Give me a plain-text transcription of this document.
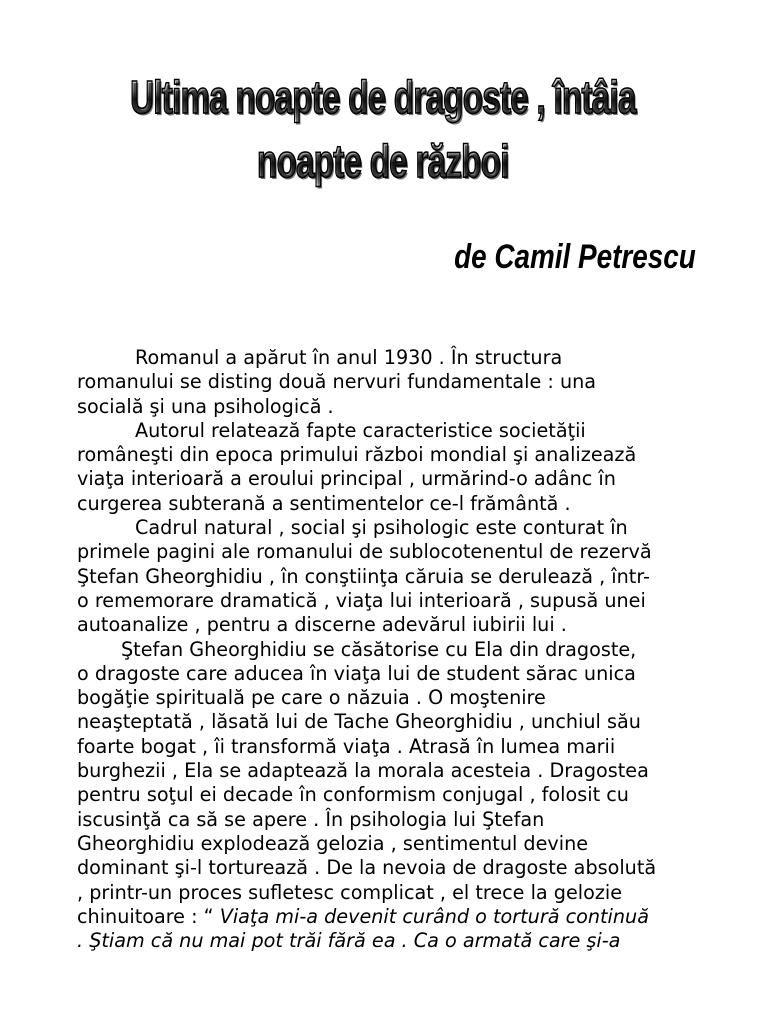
Ultima noapte de dragoste , întâia
noapte de război
de Camil Petrescu
Romanul a apărut în anul 1930 . În structura
romanului se disting două nervuri fundamentale : una
socială şi una psihologică .
Autorul relatează fapte caracteristice societăţii
româneşti din epoca primului război mondial şi analizează
viaţa interioară a eroului principal , urmărind-o adânc în
curgerea subterană a sentimentelor ce-l frământă .
Cadrul natural , social şi psihologic este conturat în
primele pagini ale romanului de sublocotenentul de rezervă
Ştefan Gheorghidiu , în conştiinţa căruia se derulează , într-
o rememorare dramatică , viaţa lui interioară , supusă unei
autoanalize , pentru a discerne adevărul iubirii lui .
Ştefan Gheorghidiu se căsătorise cu Ela din dragoste,
o dragoste care aducea în viaţa lui de student sărac unica
bogăţie spirituală pe care o năzuia . O moştenire
neaşteptată , lăsată lui de Tache Gheorghidiu , unchiul său
foarte bogat , îi transformă viaţa . Atrasă în lumea marii
burghezii , Ela se adaptează la morala acesteia . Dragostea
pentru soţul ei decade în conformism conjugal , folosit cu
iscusinţă ca să se apere . În psihologia lui Ştefan
Gheorghidiu explodează gelozia , sentimentul devine
dominant şi-l torturează . De la nevoia de dragoste absolută
, printr-un proces sufletesc complicat , el trece la gelozie
chinuitoare : “ Viaţa mi-a devenit curând o tortură continuă
. Ştiam că nu mai pot trăi fără ea . Ca o armată care şi-a
